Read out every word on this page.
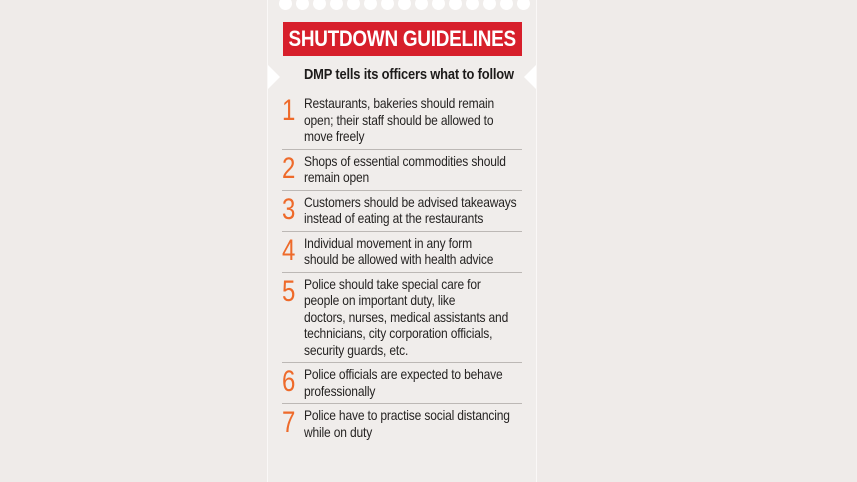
SHUTDOWN GUIDELINES
DMP tells its officers what to follow
1 Restaurants, bakeries should remain
open; their staff should be allowed to
move freely
2 Shops of essential commodities should
remain open
3 Customers should be advised takeaways
instead of eating at the restaurants
4 Individual movement in any form
should be allowed with health advice
5 Police should take special care for
people on important duty, like
doctors, nurses, medical assistants and
technicians, city corporation officials,
security guards, etc.
6 Police officials are expected to behave
professionally
7 Police have to practise social distancing
while on duty
